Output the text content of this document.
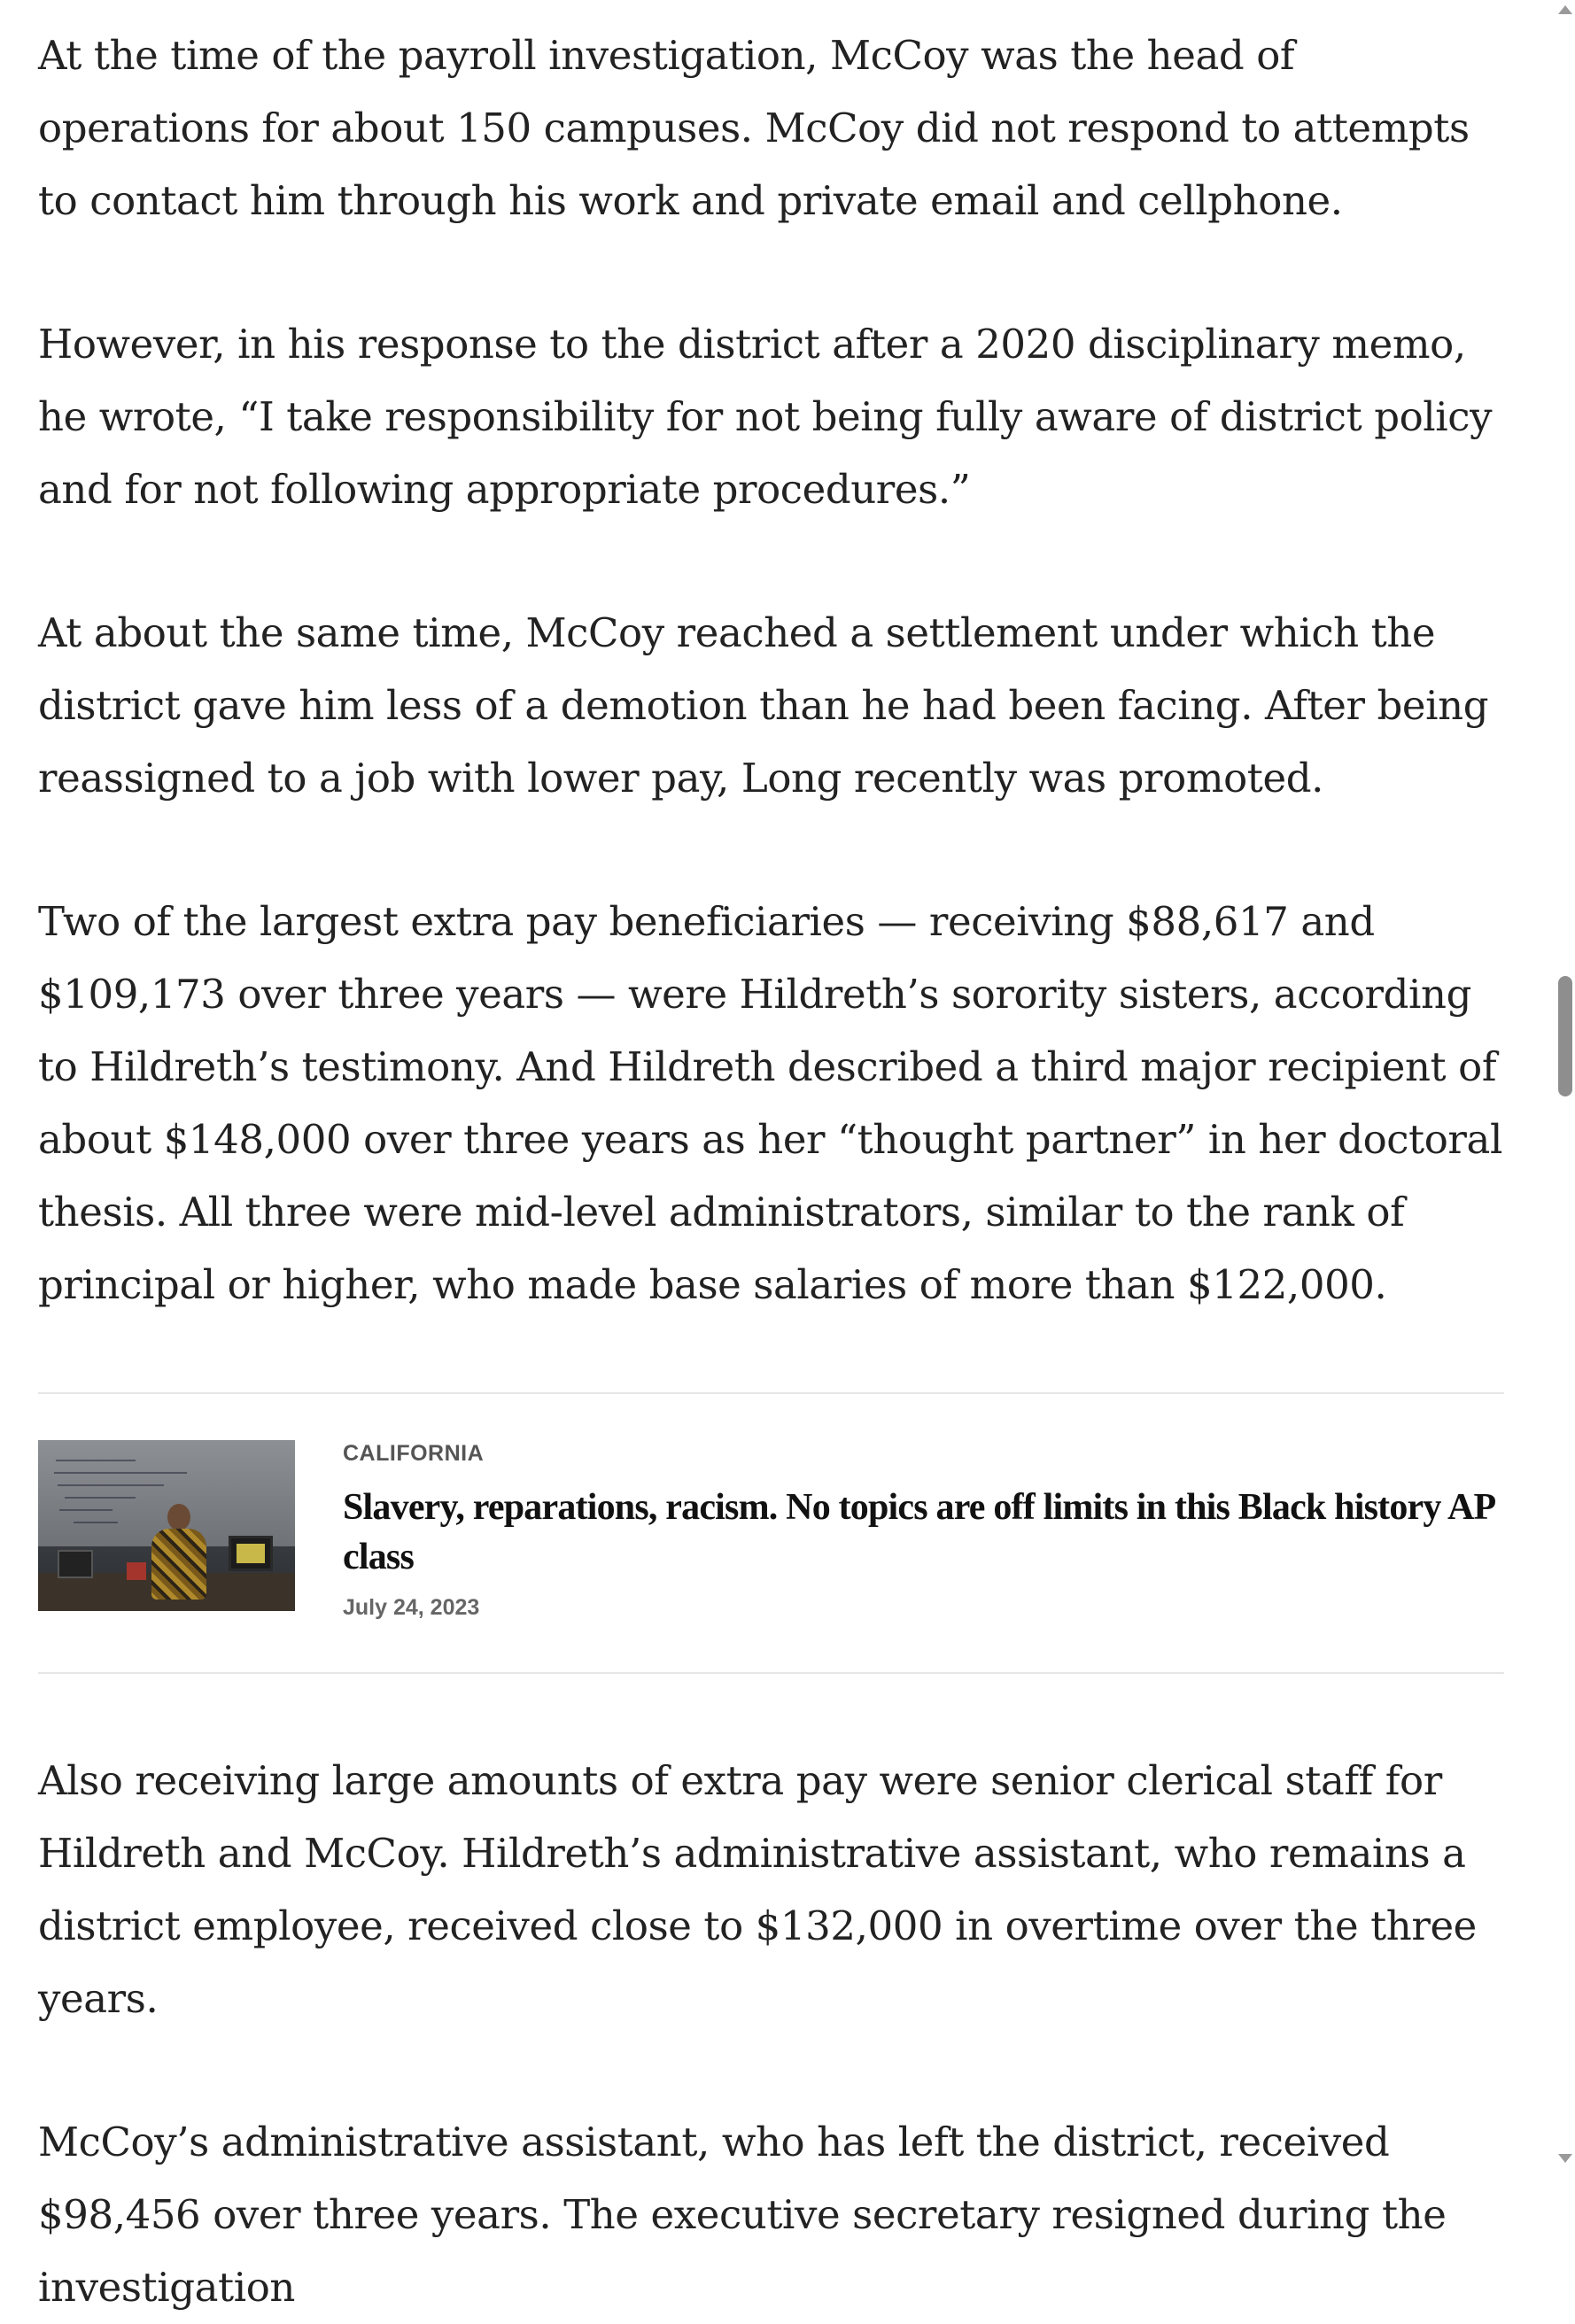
At the time of the payroll investigation, McCoy was the head of operations for about 150 campuses. McCoy did not respond to attempts to contact him through his work and private email and cellphone.

However, in his response to the district after a 2020 disciplinary memo, he wrote, “I take responsibility for not being fully aware of district policy and for not following appropriate procedures.”

At about the same time, McCoy reached a settlement under which the district gave him less of a demotion than he had been facing. After being reassigned to a job with lower pay, Long recently was promoted.

Two of the largest extra pay beneficiaries — receiving $88,617 and $109,173 over three years — were Hildreth’s sorority sisters, according to Hildreth’s testimony. And Hildreth described a third major recipient of about $148,000 over three years as her “thought partner” in her doctoral thesis. All three were mid-level administrators, similar to the rank of principal or higher, who made base salaries of more than $122,000.

CALIFORNIA
Slavery, reparations, racism. No topics are off limits in this Black history AP class
July 24, 2023

Also receiving large amounts of extra pay were senior clerical staff for Hildreth and McCoy. Hildreth’s administrative assistant, who remains a district employee, received close to $132,000 in overtime over the three years.

McCoy’s administrative assistant, who has left the district, received $98,456 over three years. The executive secretary resigned during the investigation
